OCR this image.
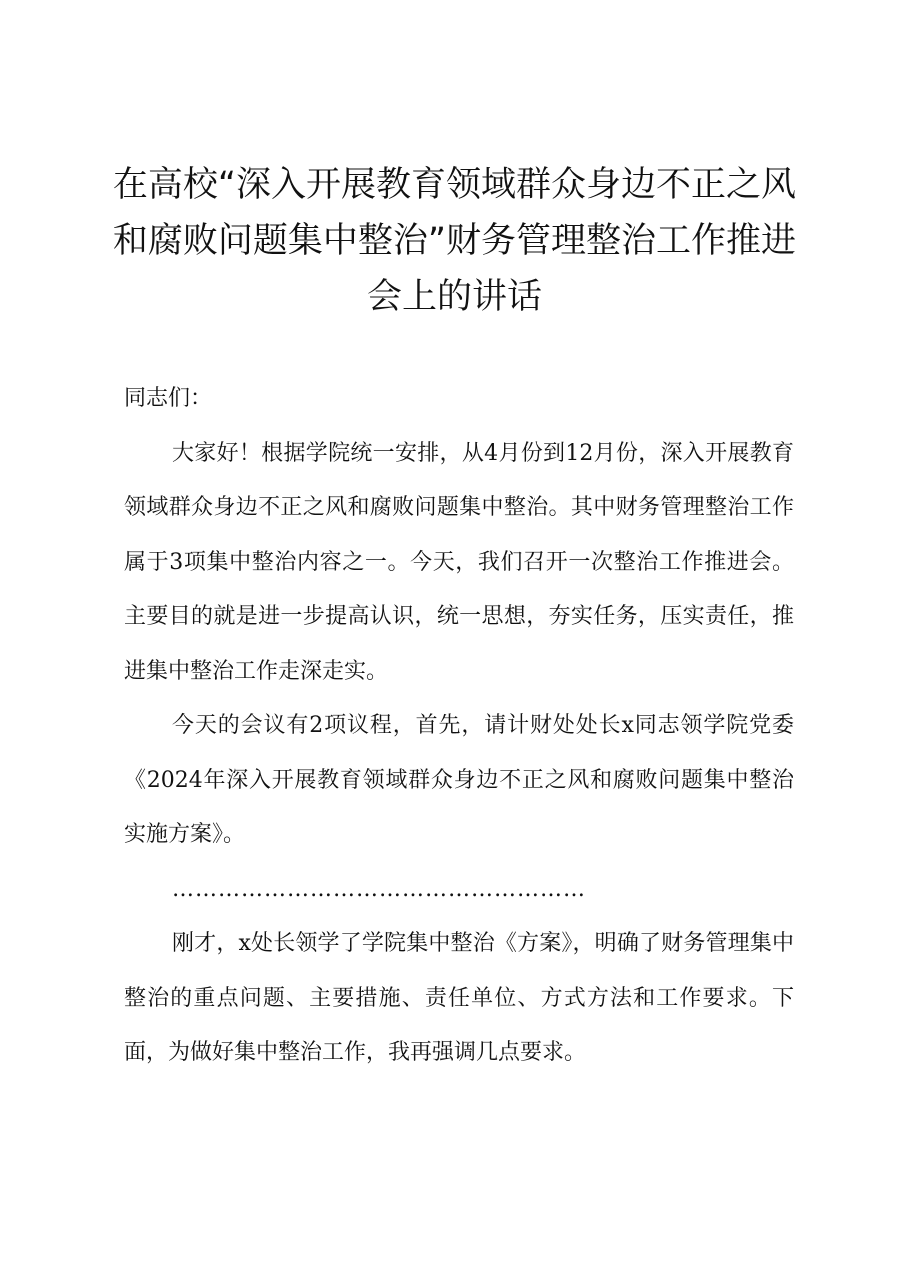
在高校“深入开展教育领域群众身边不正之风
和腐败问题集中整治”财务管理整治工作推进
会上的讲话

同志们：

大家好！根据学院统一安排，从4月份到12月份，深入开展教育领域群众身边不正之风和腐败问题集中整治。其中财务管理整治工作属于3项集中整治内容之一。今天，我们召开一次整治工作推进会。主要目的就是进一步提高认识，统一思想，夯实任务，压实责任，推进集中整治工作走深走实。

今天的会议有2项议程，首先，请计财处处长x同志领学院党委《2024年深入开展教育领域群众身边不正之风和腐败问题集中整治实施方案》。

………………………………………………

刚才，x处长领学了学院集中整治《方案》，明确了财务管理集中整治的重点问题、主要措施、责任单位、方式方法和工作要求。下面，为做好集中整治工作，我再强调几点要求。
